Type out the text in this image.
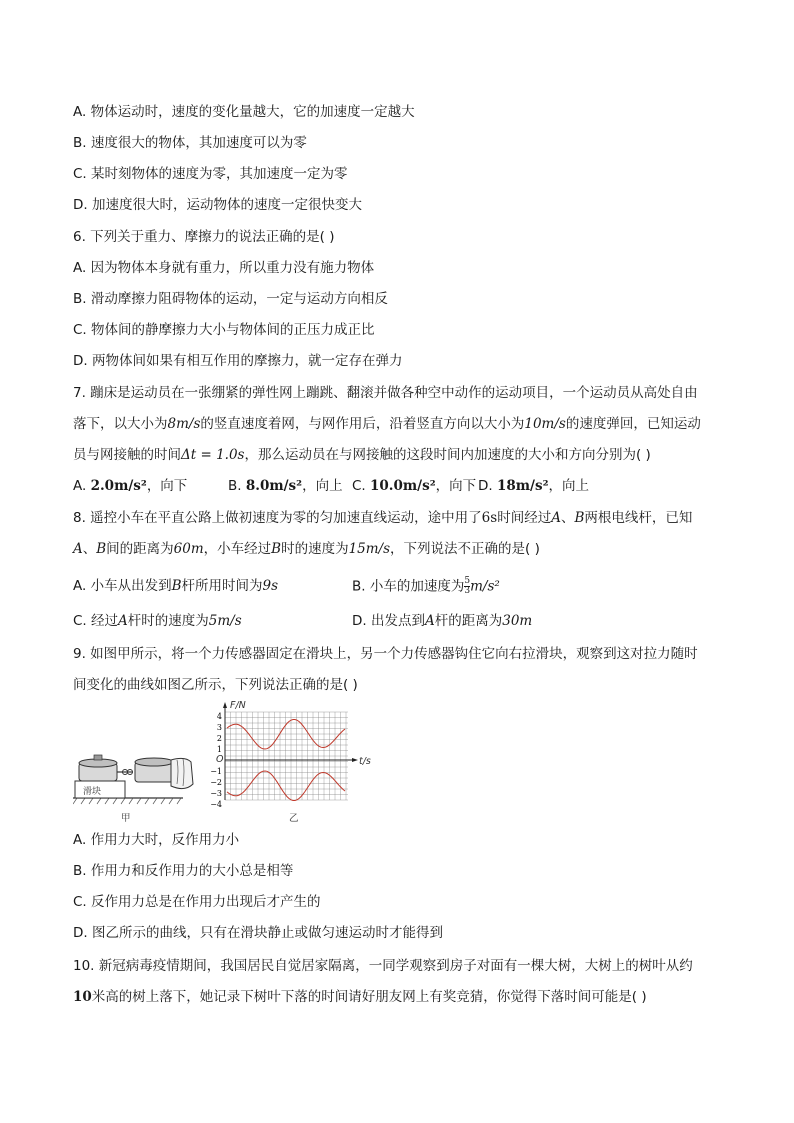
A. 物体运动时，速度的变化量越大，它的加速度一定越大
B. 速度很大的物体，其加速度可以为零
C. 某时刻物体的速度为零，其加速度一定为零
D. 加速度很大时，运动物体的速度一定很快变大
6. 下列关于重力、摩擦力的说法正确的是( )
A. 因为物体本身就有重力，所以重力没有施力物体
B. 滑动摩擦力阻碍物体的运动，一定与运动方向相反
C. 物体间的静摩擦力大小与物体间的正压力成正比
D. 两物体间如果有相互作用的摩擦力，就一定存在弹力
7. 蹦床是运动员在一张绷紧的弹性网上蹦跳、翻滚并做各种空中动作的运动项目，一个运动员从高处自由
落下，以大小为8m/s的竖直速度着网，与网作用后，沿着竖直方向以大小为10m/s的速度弹回，已知运动
员与网接触的时间Δt = 1.0s，那么运动员在与网接触的这段时间内加速度的大小和方向分别为( )
A. 2.0m/s²，向下	B. 8.0m/s²，向上 C. 10.0m/s²，向下 D. 18m/s²，向上
8. 遥控小车在平直公路上做初速度为零的匀加速直线运动，途中用了6s时间经过A、B两根电线杆，已知
A、B间的距离为60m，小车经过B时的速度为15m/s，下列说法不正确的是( )
A. 小车从出发到B杆所用时间为9s	B. 小车的加速度为 $\frac{5}{3} m/s^2$
C. 经过A杆时的速度为5m/s	D. 出发点到A杆的距离为30m
9. 如图甲所示，将一个力传感器固定在滑块上，另一个力传感器钩住它向右拉滑块，观察到这对拉力随时
间变化的曲线如图乙所示，下列说法正确的是( )
滑块
甲
4
3
2
1
−1
−2
−3
−4
F/N
t/s
O
乙
A. 作用力大时，反作用力小
B. 作用力和反作用力的大小总是相等
C. 反作用力总是在作用力出现后才产生的
D. 图乙所示的曲线，只有在滑块静止或做匀速运动时才能得到
10. 新冠病毒疫情期间，我国居民自觉居家隔离，一同学观察到房子对面有一棵大树，大树上的树叶从约
10米高的树上落下，她记录下树叶下落的时间请好朋友网上有奖竞猜，你觉得下落时间可能是( )
